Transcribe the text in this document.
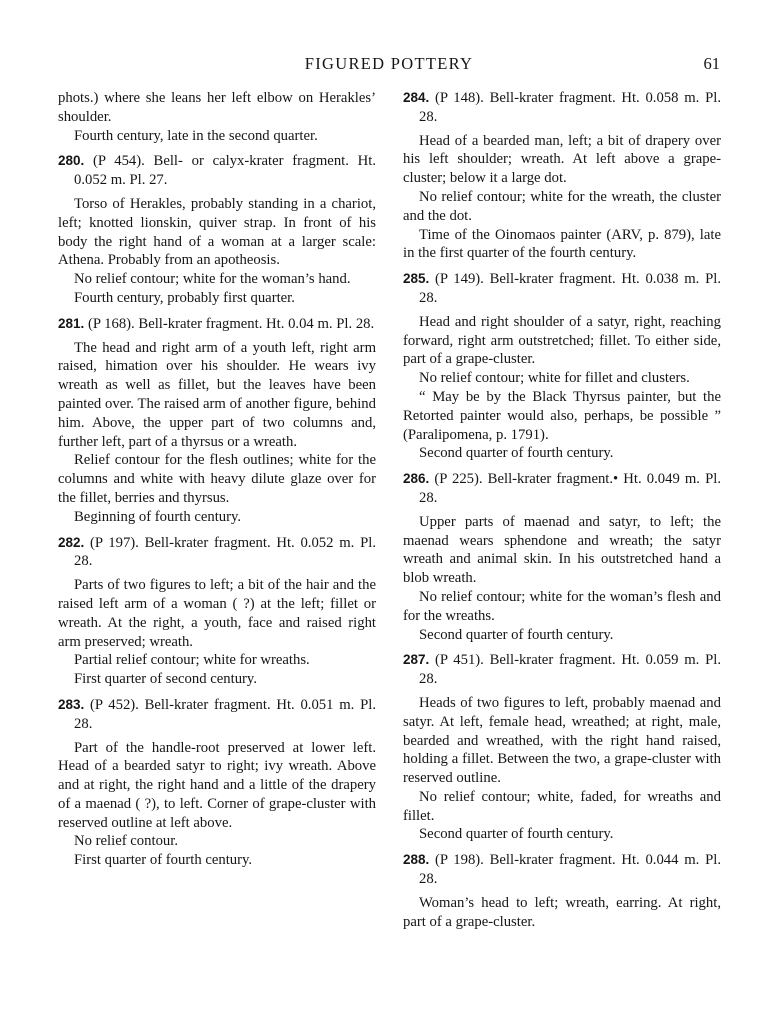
FIGURED POTTERY	61

phots.) where she leans her left elbow on Herakles’ shoulder.

Fourth century, late in the second quarter.

280. (P 454). Bell- or calyx-krater fragment. Ht. 0.052 m. Pl. 27.

Torso of Herakles, probably standing in a chariot, left; knotted lionskin, quiver strap. In front of his body the right hand of a woman at a larger scale: Athena. Probably from an apotheosis.

No relief contour; white for the woman’s hand.

Fourth century, probably first quarter.

281. (P 168). Bell-krater fragment. Ht. 0.04 m. Pl. 28.

The head and right arm of a youth left, right arm raised, himation over his shoulder. He wears ivy wreath as well as fillet, but the leaves have been painted over. The raised arm of another figure, behind him. Above, the upper part of two columns and, further left, part of a thyrsus or a wreath.

Relief contour for the flesh outlines; white for the columns and white with heavy dilute glaze over for the fillet, berries and thyrsus.

Beginning of fourth century.

282. (P 197). Bell-krater fragment. Ht. 0.052 m. Pl. 28.

Parts of two figures to left; a bit of the hair and the raised left arm of a woman ( ?) at the left; fillet or wreath. At the right, a youth, face and raised right arm preserved; wreath.

Partial relief contour; white for wreaths.

First quarter of second century.

283. (P 452). Bell-krater fragment. Ht. 0.051 m. Pl. 28.

Part of the handle-root preserved at lower left. Head of a bearded satyr to right; ivy wreath. Above and at right, the right hand and a little of the drapery of a maenad ( ?), to left. Corner of grape-cluster with reserved outline at left above.

No relief contour.

First quarter of fourth century.

284. (P 148). Bell-krater fragment. Ht. 0.058 m. Pl. 28.

Head of a bearded man, left; a bit of drapery over his left shoulder; wreath. At left above a grape-cluster; below it a large dot.

No relief contour; white for the wreath, the cluster and the dot.

Time of the Oinomaos painter (ARV, p. 879), late in the first quarter of the fourth century.

285. (P 149). Bell-krater fragment. Ht. 0.038 m. Pl. 28.

Head and right shoulder of a satyr, right, reaching forward, right arm outstretched; fillet. To either side, part of a grape-cluster.

No relief contour; white for fillet and clusters.

“ May be by the Black Thyrsus painter, but the Retorted painter would also, perhaps, be possible ” (Paralipomena, p. 1791).

Second quarter of fourth century.

286. (P 225). Bell-krater fragment.• Ht. 0.049 m. Pl. 28.

Upper parts of maenad and satyr, to left; the maenad wears sphendone and wreath; the satyr wreath and animal skin. In his outstretched hand a blob wreath.

No relief contour; white for the woman’s flesh and for the wreaths.

Second quarter of fourth century.

287. (P 451). Bell-krater fragment. Ht. 0.059 m. Pl. 28.

Heads of two figures to left, probably maenad and satyr. At left, female head, wreathed; at right, male, bearded and wreathed, with the right hand raised, holding a fillet. Between the two, a grape-cluster with reserved outline.

No relief contour; white, faded, for wreaths and fillet.

Second quarter of fourth century.

288. (P 198). Bell-krater fragment. Ht. 0.044 m. Pl. 28.

Woman’s head to left; wreath, earring. At right, part of a grape-cluster.
